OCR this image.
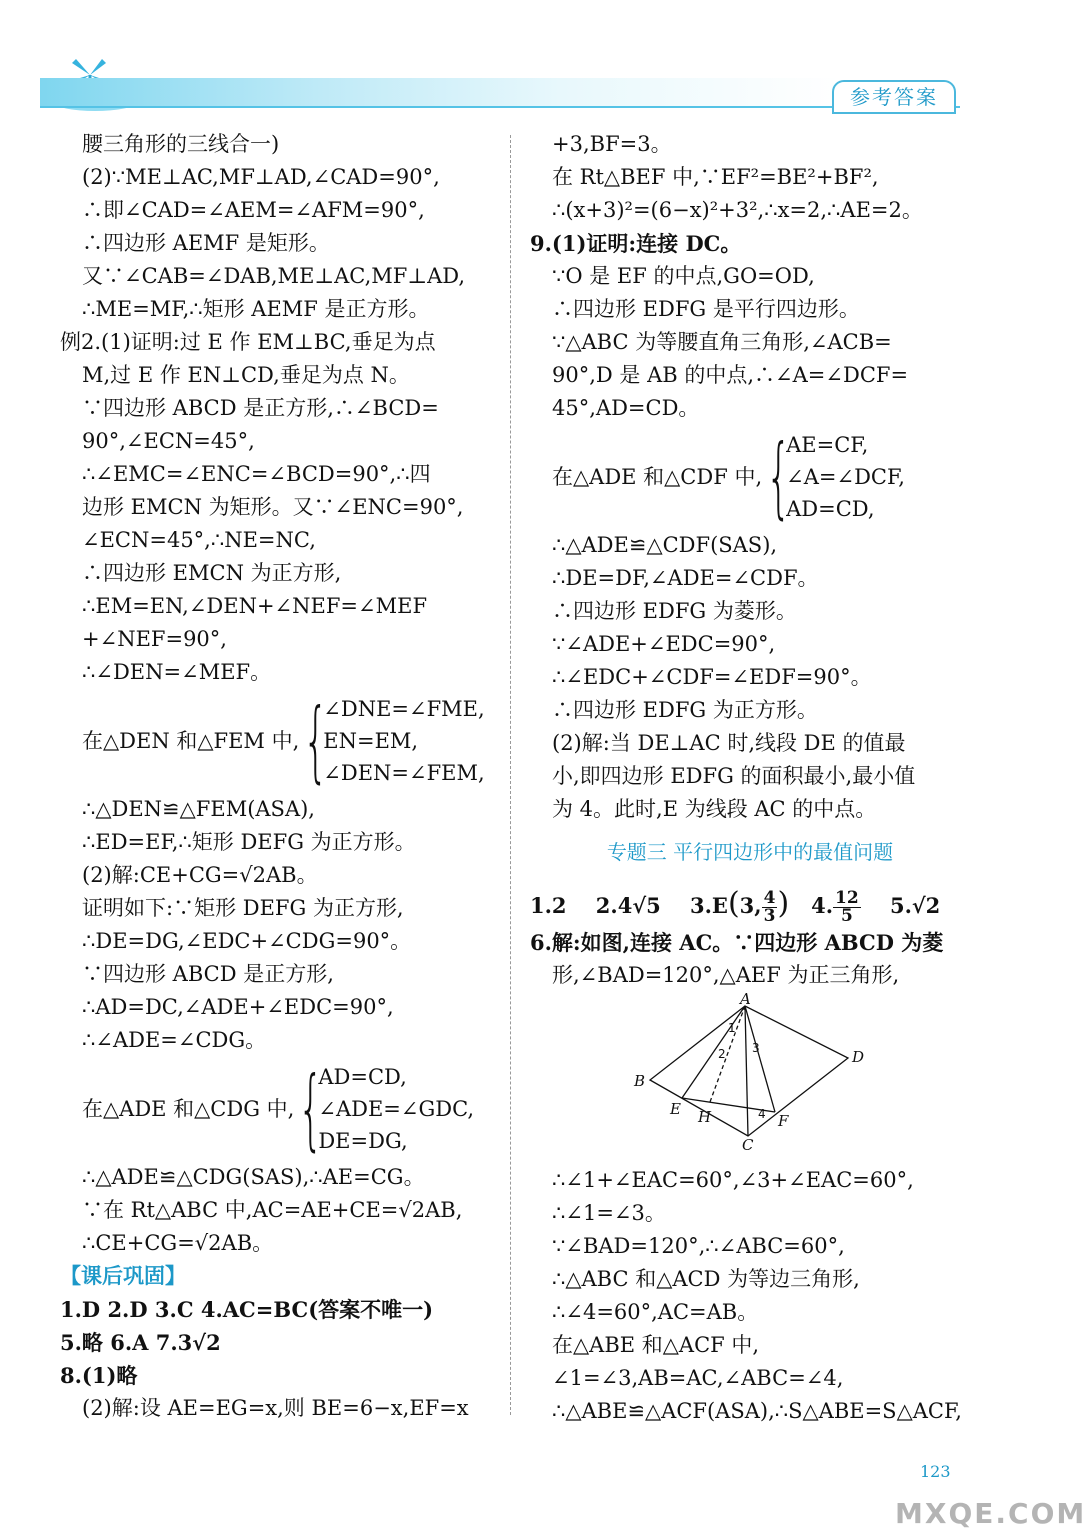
参考答案
腰三角形的三线合一)
(2)∵ME⊥AC,MF⊥AD,∠CAD=90°,
∴即∠CAD=∠AEM=∠AFM=90°,
∴四边形 AEMF 是矩形。
又∵∠CAB=∠DAB,ME⊥AC,MF⊥AD,
∴ME=MF,∴矩形 AEMF 是正方形。
例2.(1)证明:过 E 作 EM⊥BC,垂足为点
M,过 E 作 EN⊥CD,垂足为点 N。
∵四边形 ABCD 是正方形,∴∠BCD=
90°,∠ECN=45°,
∴∠EMC=∠ENC=∠BCD=90°,∴四
边形 EMCN 为矩形。又∵∠ENC=90°,
∠ECN=45°,∴NE=NC,
∴四边形 EMCN 为正方形,
∴EM=EN,∠DEN+∠NEF=∠MEF
+∠NEF=90°,
∴∠DEN=∠MEF。
在△DEN 和△FEM 中, {
∠DNE=∠FME,
EN=EM,
∠DEN=∠FEM,
∴△DEN≌△FEM(ASA),
∴ED=EF,∴矩形 DEFG 为正方形。
(2)解:CE+CG=√2AB。
证明如下:∵矩形 DEFG 为正方形,
∴DE=DG,∠EDC+∠CDG=90°。
∵四边形 ABCD 是正方形,
∴AD=DC,∠ADE+∠EDC=90°,
∴∠ADE=∠CDG。
在△ADE 和△CDG 中, {
AD=CD,
∠ADE=∠GDC,
DE=DG,
∴△ADE≌△CDG(SAS),∴AE=CG。
∵在 Rt△ABC 中,AC=AE+CE=√2AB,
∴CE+CG=√2AB。
【课后巩固】
1.D 2.D 3.C 4.AC=BC(答案不唯一)
5.略 6.A 7.3√2
8.(1)略
(2)解:设 AE=EG=x,则 BE=6−x,EF=x
+3,BF=3。
在 Rt△BEF 中,∵EF²=BE²+BF²,
∴(x+3)²=(6−x)²+3²,∴x=2,∴AE=2。
9.(1)证明:连接 DC。
∵O 是 EF 的中点,GO=OD,
∴四边形 EDFG 是平行四边形。
∵△ABC 为等腰直角三角形,∠ACB=
90°,D 是 AB 的中点,∴∠A=∠DCF=
45°,AD=CD。
在△ADE 和△CDF 中, {
AE=CF,
∠A=∠DCF,
AD=CD,
∴△ADE≌△CDF(SAS),
∴DE=DF,∠ADE=∠CDF。
∴四边形 EDFG 为菱形。
∵∠ADE+∠EDC=90°,
∴∠EDC+∠CDF=∠EDF=90°。
∴四边形 EDFG 为正方形。
(2)解:当 DE⊥AC 时,线段 DE 的值最
小,即四边形 EDFG 的面积最小,最小值
为 4。此时,E 为线段 AC 的中点。
专题三 平行四边形中的最值问题
1.2 2.4√5 3.E(3, $\frac{4}{3}$ ) 4. $\frac{12}{5} 5.√2$
6.解:如图,连接 AC。∵四边形 ABCD 为菱
形,∠BAD=120°,△AEF 为正三角形,
A
B
C
D
E
F
H
1
2 3
4
∴∠1+∠EAC=60°,∠3+∠EAC=60°,
∴∠1=∠3。
∵∠BAD=120°,∴∠ABC=60°,
∴△ABC 和△ACD 为等边三角形,
∴∠4=60°,AC=AB。
在△ABE 和△ACF 中,
∠1=∠3,AB=AC,∠ABC=∠4,
∴△ABE≌△ACF(ASA),∴S△ABE=S△ACF,
123
MXQE.COM
